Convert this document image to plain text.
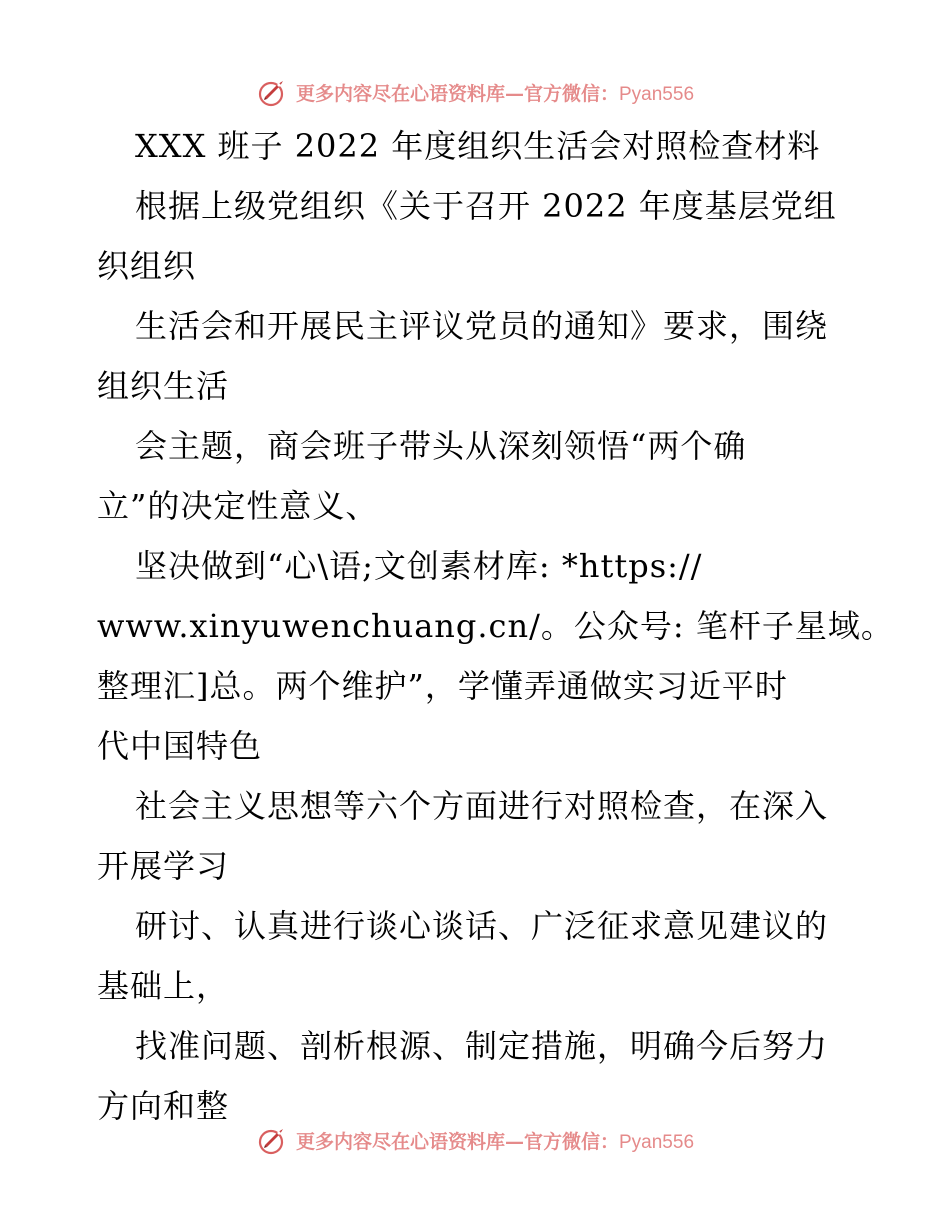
更多内容尽在心语资料库—官方微信：Pyan556
XXX 班子 2022 年度组织生活会对照检查材料
根据上级党组织《关于召开 2022 年度基层党组
织组织
生活会和开展民主评议党员的通知》要求，围绕
组织生活
会主题，商会班子带头从深刻领悟“两个确
立”的决定性意义、
坚决做到“心\语;文创素材库: *https://
www.xinyuwenchuang.cn/。公众号: 笔杆子星域。
整理汇]总。两个维护”，学懂弄通做实习近平时
代中国特色
社会主义思想等六个方面进行对照检查，在深入
开展学习
研讨、认真进行谈心谈话、广泛征求意见建议的
基础上，
找准问题、剖析根源、制定措施，明确今后努力
方向和整
更多内容尽在心语资料库—官方微信：Pyan556
